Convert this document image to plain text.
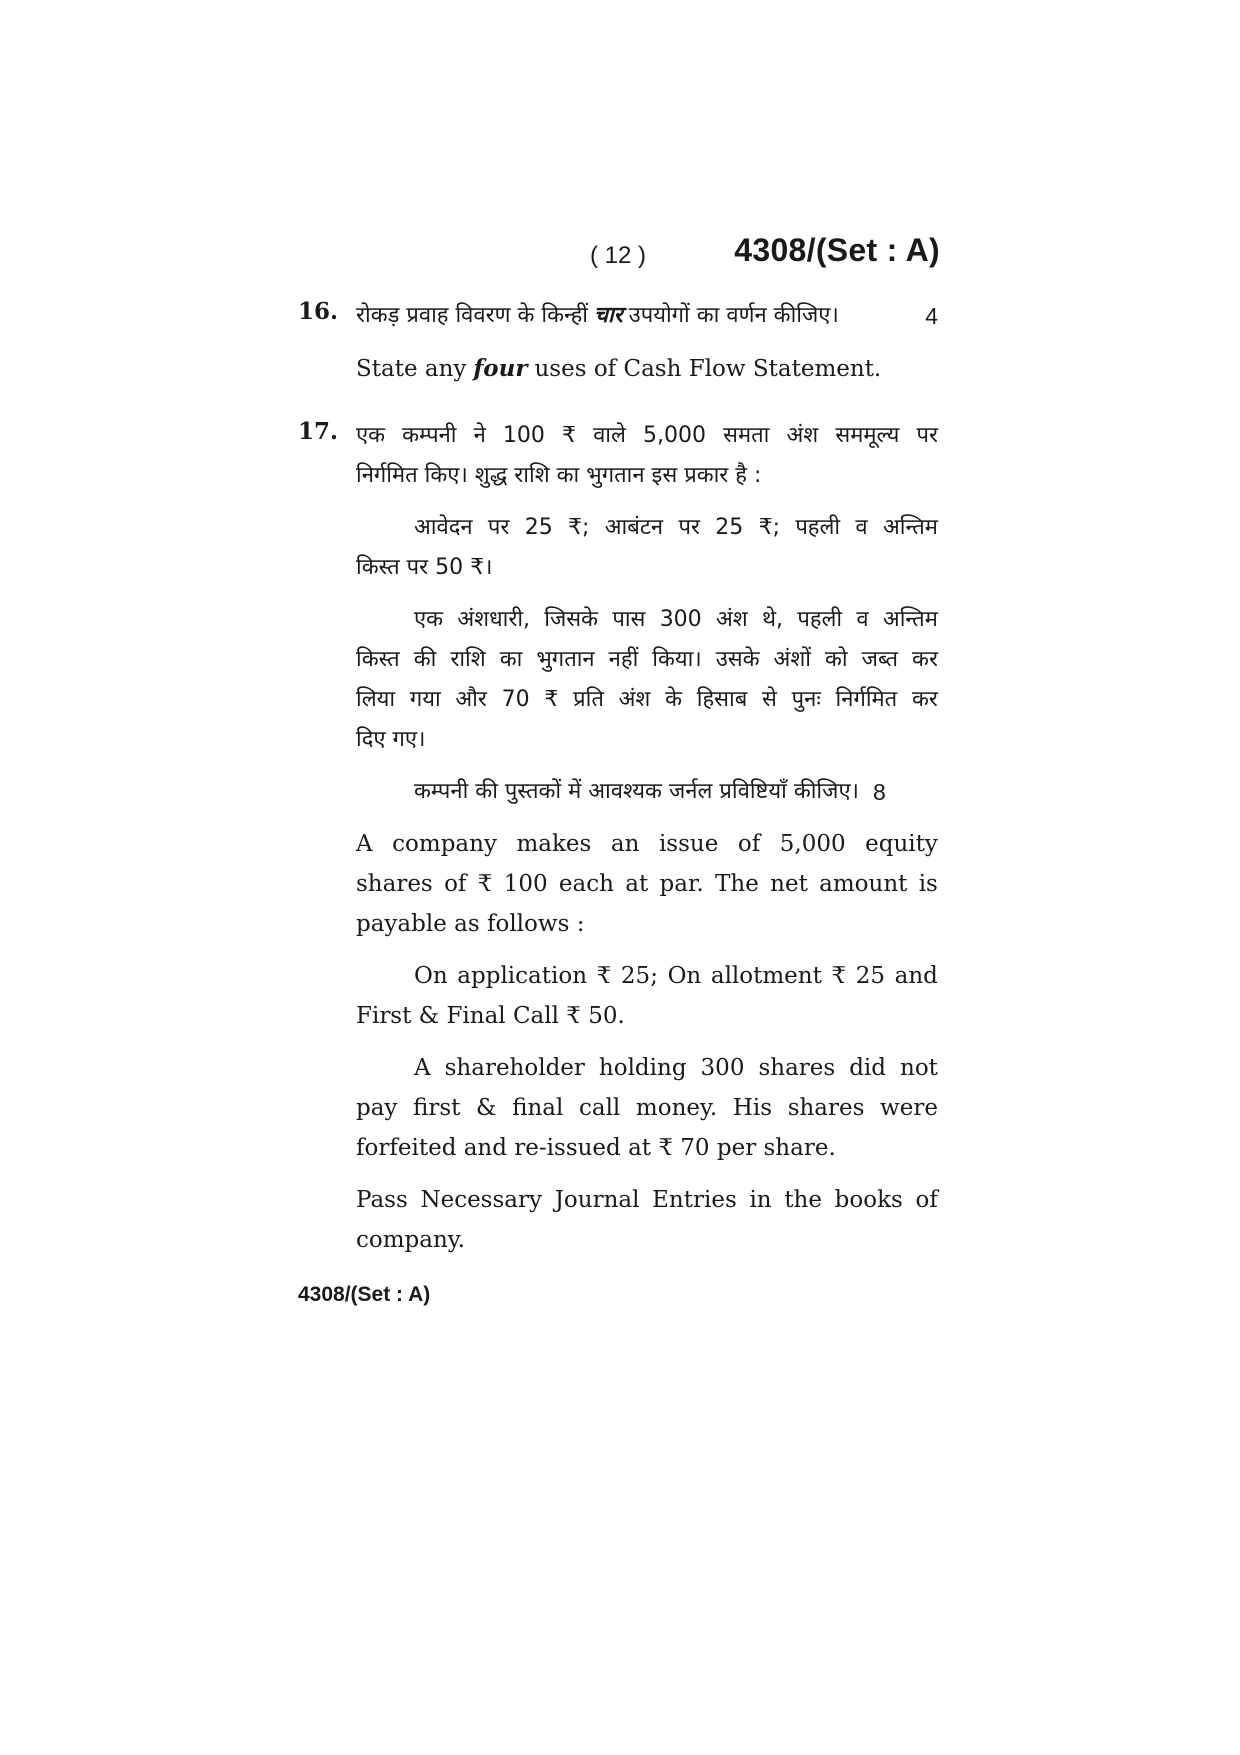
( 12 )	4308/(Set : A)
16. रोकड़ प्रवाह विवरण के किन्हीं चार उपयोगों का वर्णन कीजिए।	4
State any four uses of Cash Flow Statement.
17. एक कम्पनी ने 100 ₹ वाले 5,000 समता अंश सममूल्य पर
निर्गमित किए। शुद्ध राशि का भुगतान इस प्रकार है :
आवेदन पर 25 ₹; आबंटन पर 25 ₹; पहली व अन्तिम
किस्त पर 50 ₹।
एक अंशधारी, जिसके पास 300 अंश थे, पहली व अन्तिम
किस्त की राशि का भुगतान नहीं किया। उसके अंशों को जब्त कर
लिया गया और 70 ₹ प्रति अंश के हिसाब से पुनः निर्गमित कर
दिए गए।
कम्पनी की पुस्तकों में आवश्यक जर्नल प्रविष्टियाँ कीजिए। 8
A company makes an issue of 5,000 equity
shares of ₹ 100 each at par. The net amount is
payable as follows :
On application ₹ 25; On allotment ₹ 25 and
First & Final Call ₹ 50.
A shareholder holding 300 shares did not
pay first & final call money. His shares were
forfeited and re-issued at ₹ 70 per share.
Pass Necessary Journal Entries in the books of
company.
4308/(Set : A)
